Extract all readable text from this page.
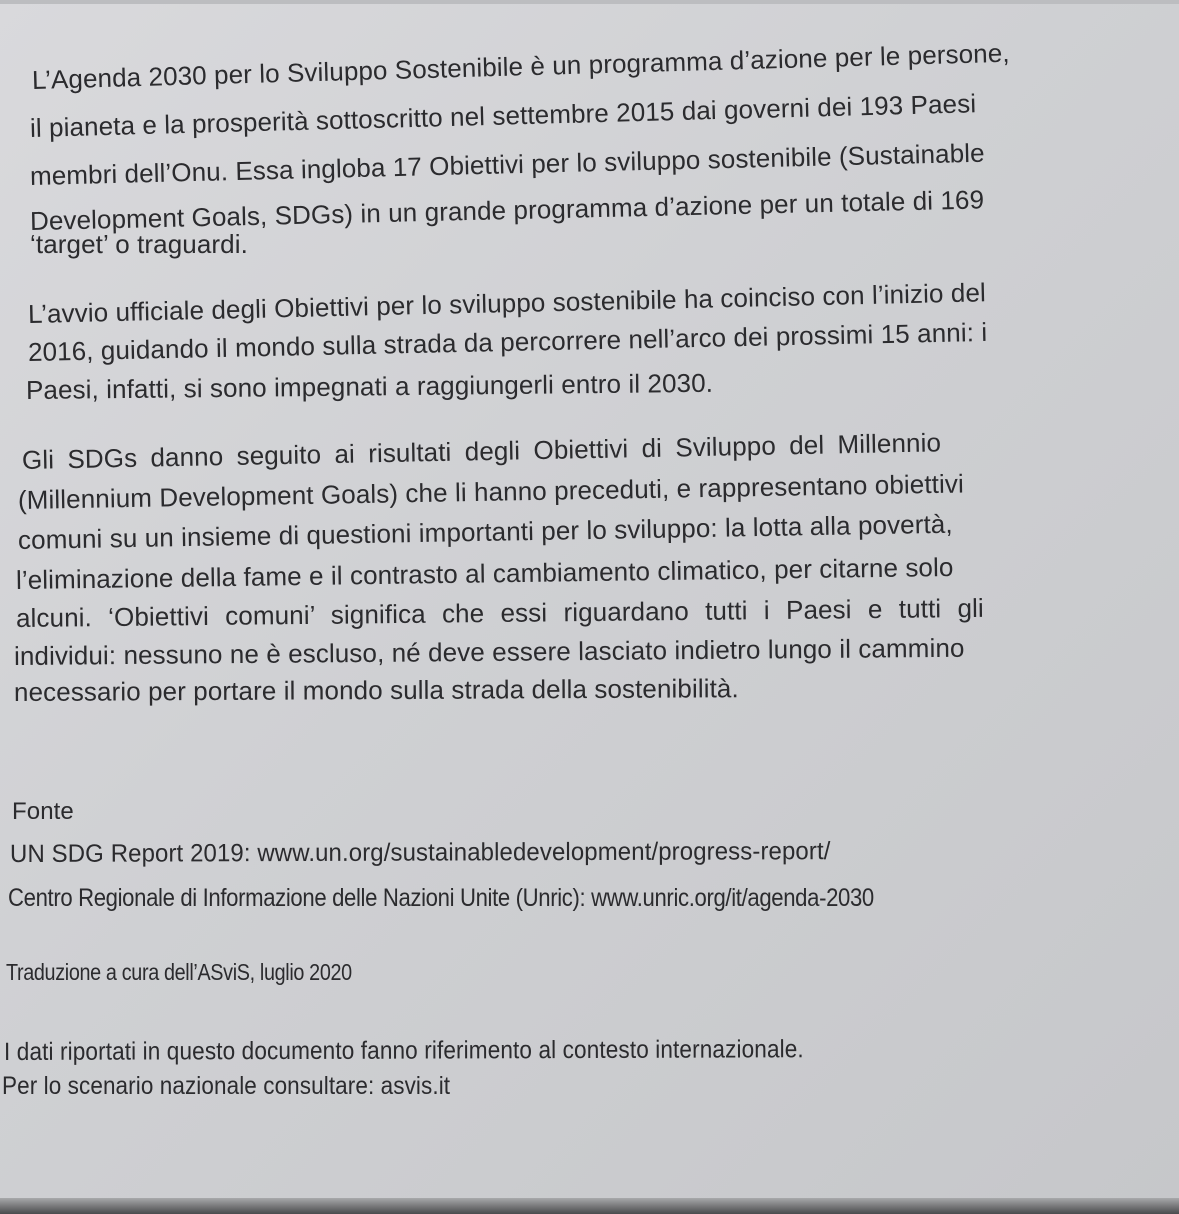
L’Agenda 2030 per lo Sviluppo Sostenibile è un programma d’azione per le persone,
il pianeta e la prosperità sottoscritto nel settembre 2015 dai governi dei 193 Paesi
membri dell’Onu. Essa ingloba 17 Obiettivi per lo sviluppo sostenibile (Sustainable
Development Goals, SDGs) in un grande programma d’azione per un totale di 169
‘target’ o traguardi.
L’avvio ufficiale degli Obiettivi per lo sviluppo sostenibile ha coinciso con l’inizio del
2016, guidando il mondo sulla strada da percorrere nell’arco dei prossimi 15 anni: i
Paesi, infatti, si sono impegnati a raggiungerli entro il 2030.
Gli SDGs danno seguito ai risultati degli Obiettivi di Sviluppo del Millennio
(Millennium Development Goals) che li hanno preceduti, e rappresentano obiettivi
comuni su un insieme di questioni importanti per lo sviluppo: la lotta alla povertà,
l’eliminazione della fame e il contrasto al cambiamento climatico, per citarne solo
alcuni. ‘Obiettivi comuni’ significa che essi riguardano tutti i Paesi e tutti gli
individui: nessuno ne è escluso, né deve essere lasciato indietro lungo il cammino
necessario per portare il mondo sulla strada della sostenibilità.
Fonte
UN SDG Report 2019: www.un.org/sustainabledevelopment/progress-report/
Centro Regionale di Informazione delle Nazioni Unite (Unric): www.unric.org/it/agenda-2030
Traduzione a cura dell’ASviS, luglio 2020
I dati riportati in questo documento fanno riferimento al contesto internazionale.
Per lo scenario nazionale consultare: asvis.it
